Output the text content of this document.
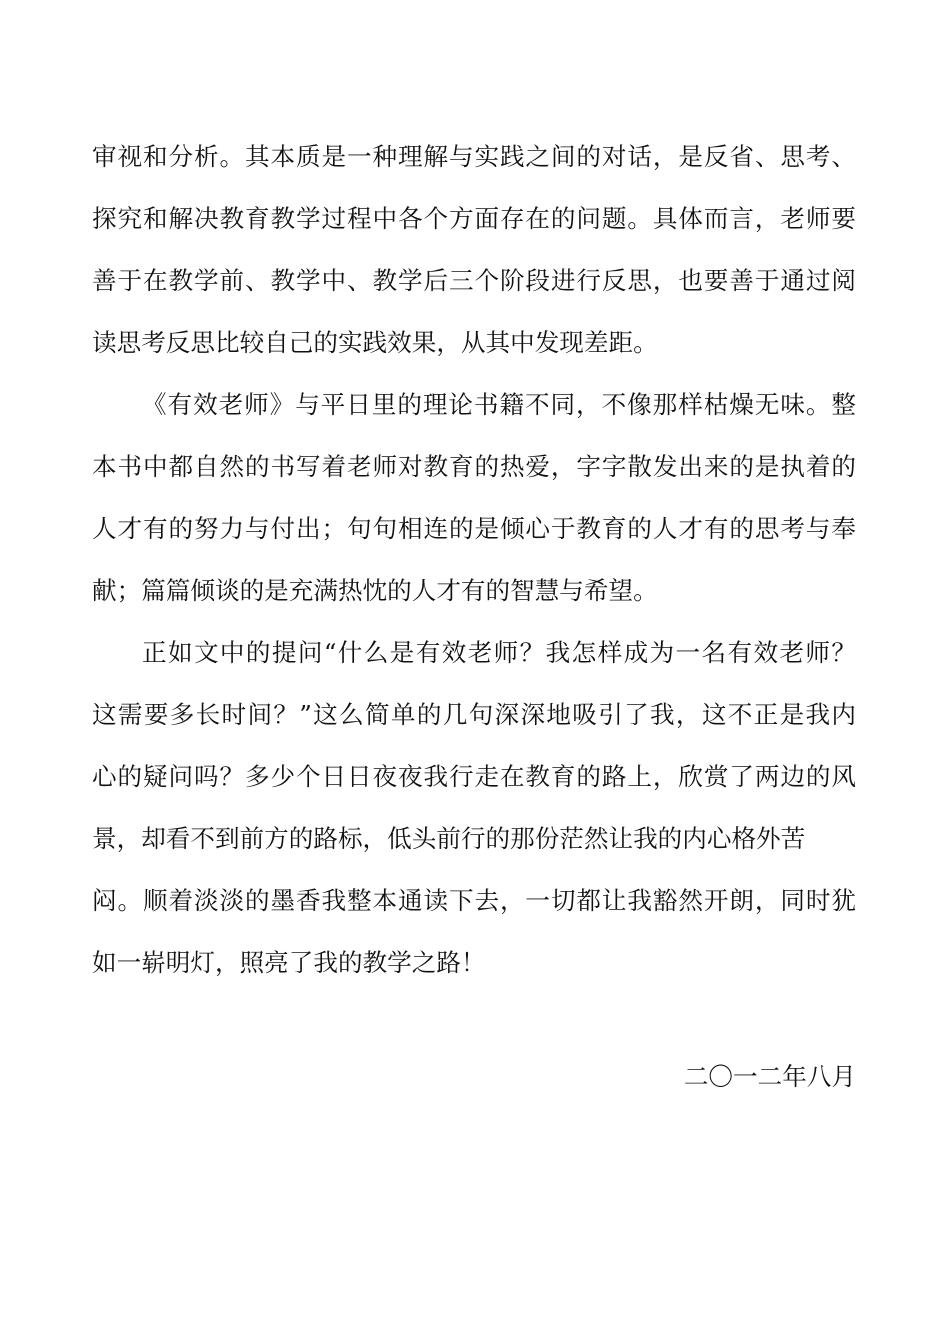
审视和分析。其本质是一种理解与实践之间的对话，是反省、思考、
探究和解决教育教学过程中各个方面存在的问题。具体而言，老师要
善于在教学前、教学中、教学后三个阶段进行反思，也要善于通过阅
读思考反思比较自己的实践效果，从其中发现差距。

《有效老师》与平日里的理论书籍不同，不像那样枯燥无味。整
本书中都自然的书写着老师对教育的热爱，字字散发出来的是执着的
人才有的努力与付出；句句相连的是倾心于教育的人才有的思考与奉
献；篇篇倾谈的是充满热忱的人才有的智慧与希望。

正如文中的提问“什么是有效老师？我怎样成为一名有效老师？
这需要多长时间？”这么简单的几句深深地吸引了我，这不正是我内
心的疑问吗？多少个日日夜夜我行走在教育的路上，欣赏了两边的风
景，却看不到前方的路标，低头前行的那份茫然让我的内心格外苦
闷。顺着淡淡的墨香我整本通读下去，一切都让我豁然开朗，同时犹
如一崭明灯，照亮了我的教学之路！

二〇一二年八月
